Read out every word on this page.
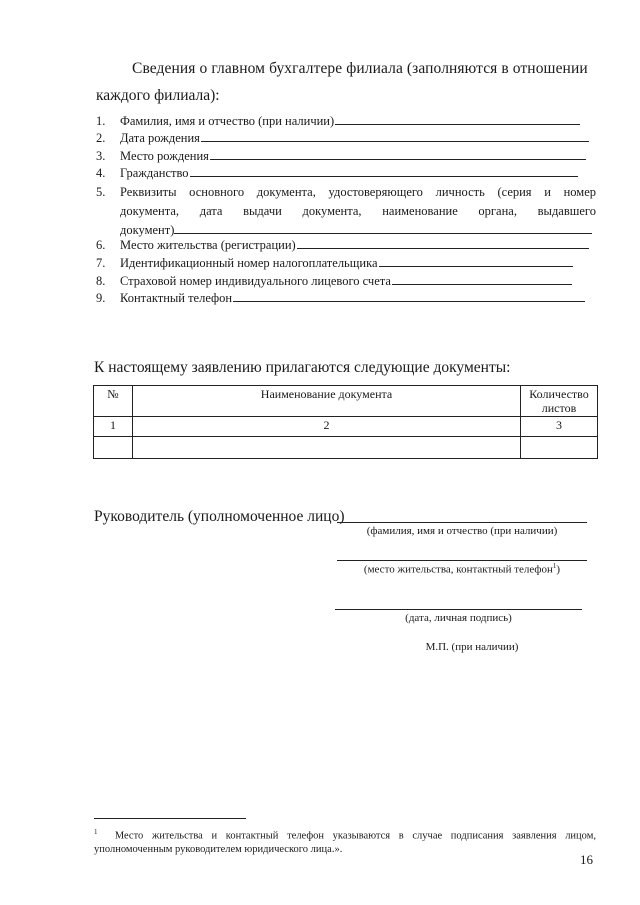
Сведения о главном бухгалтере филиала (заполняются в отношении
каждого филиала):
1.	Фамилия, имя и отчество (при наличии)
2.	Дата рождения
3.	Место рождения
4.	Гражданство
5. Реквизиты основного документа, удостоверяющего личность (серия и номер
документа, дата выдачи документа, наименование органа, выдавшего
документ)
6.	Место жительства (регистрации)
7.	Идентификационный номер налогоплательщика
8.	Страховой номер индивидуального лицевого счета
9.	Контактный телефон
К настоящему заявлению прилагаются следующие документы:
№	Наименование документа	Количество листов
1	2	3

Руководитель (уполномоченное лицо)
(фамилия, имя и отчество (при наличии)
(место жительства, контактный телефон$^1$)
(дата, личная подпись)
М.П. (при наличии)
$^1$ Место жительства и контактный телефон указываются в случае подписания заявления лицом,
уполномоченным руководителем юридического лица.».
16
